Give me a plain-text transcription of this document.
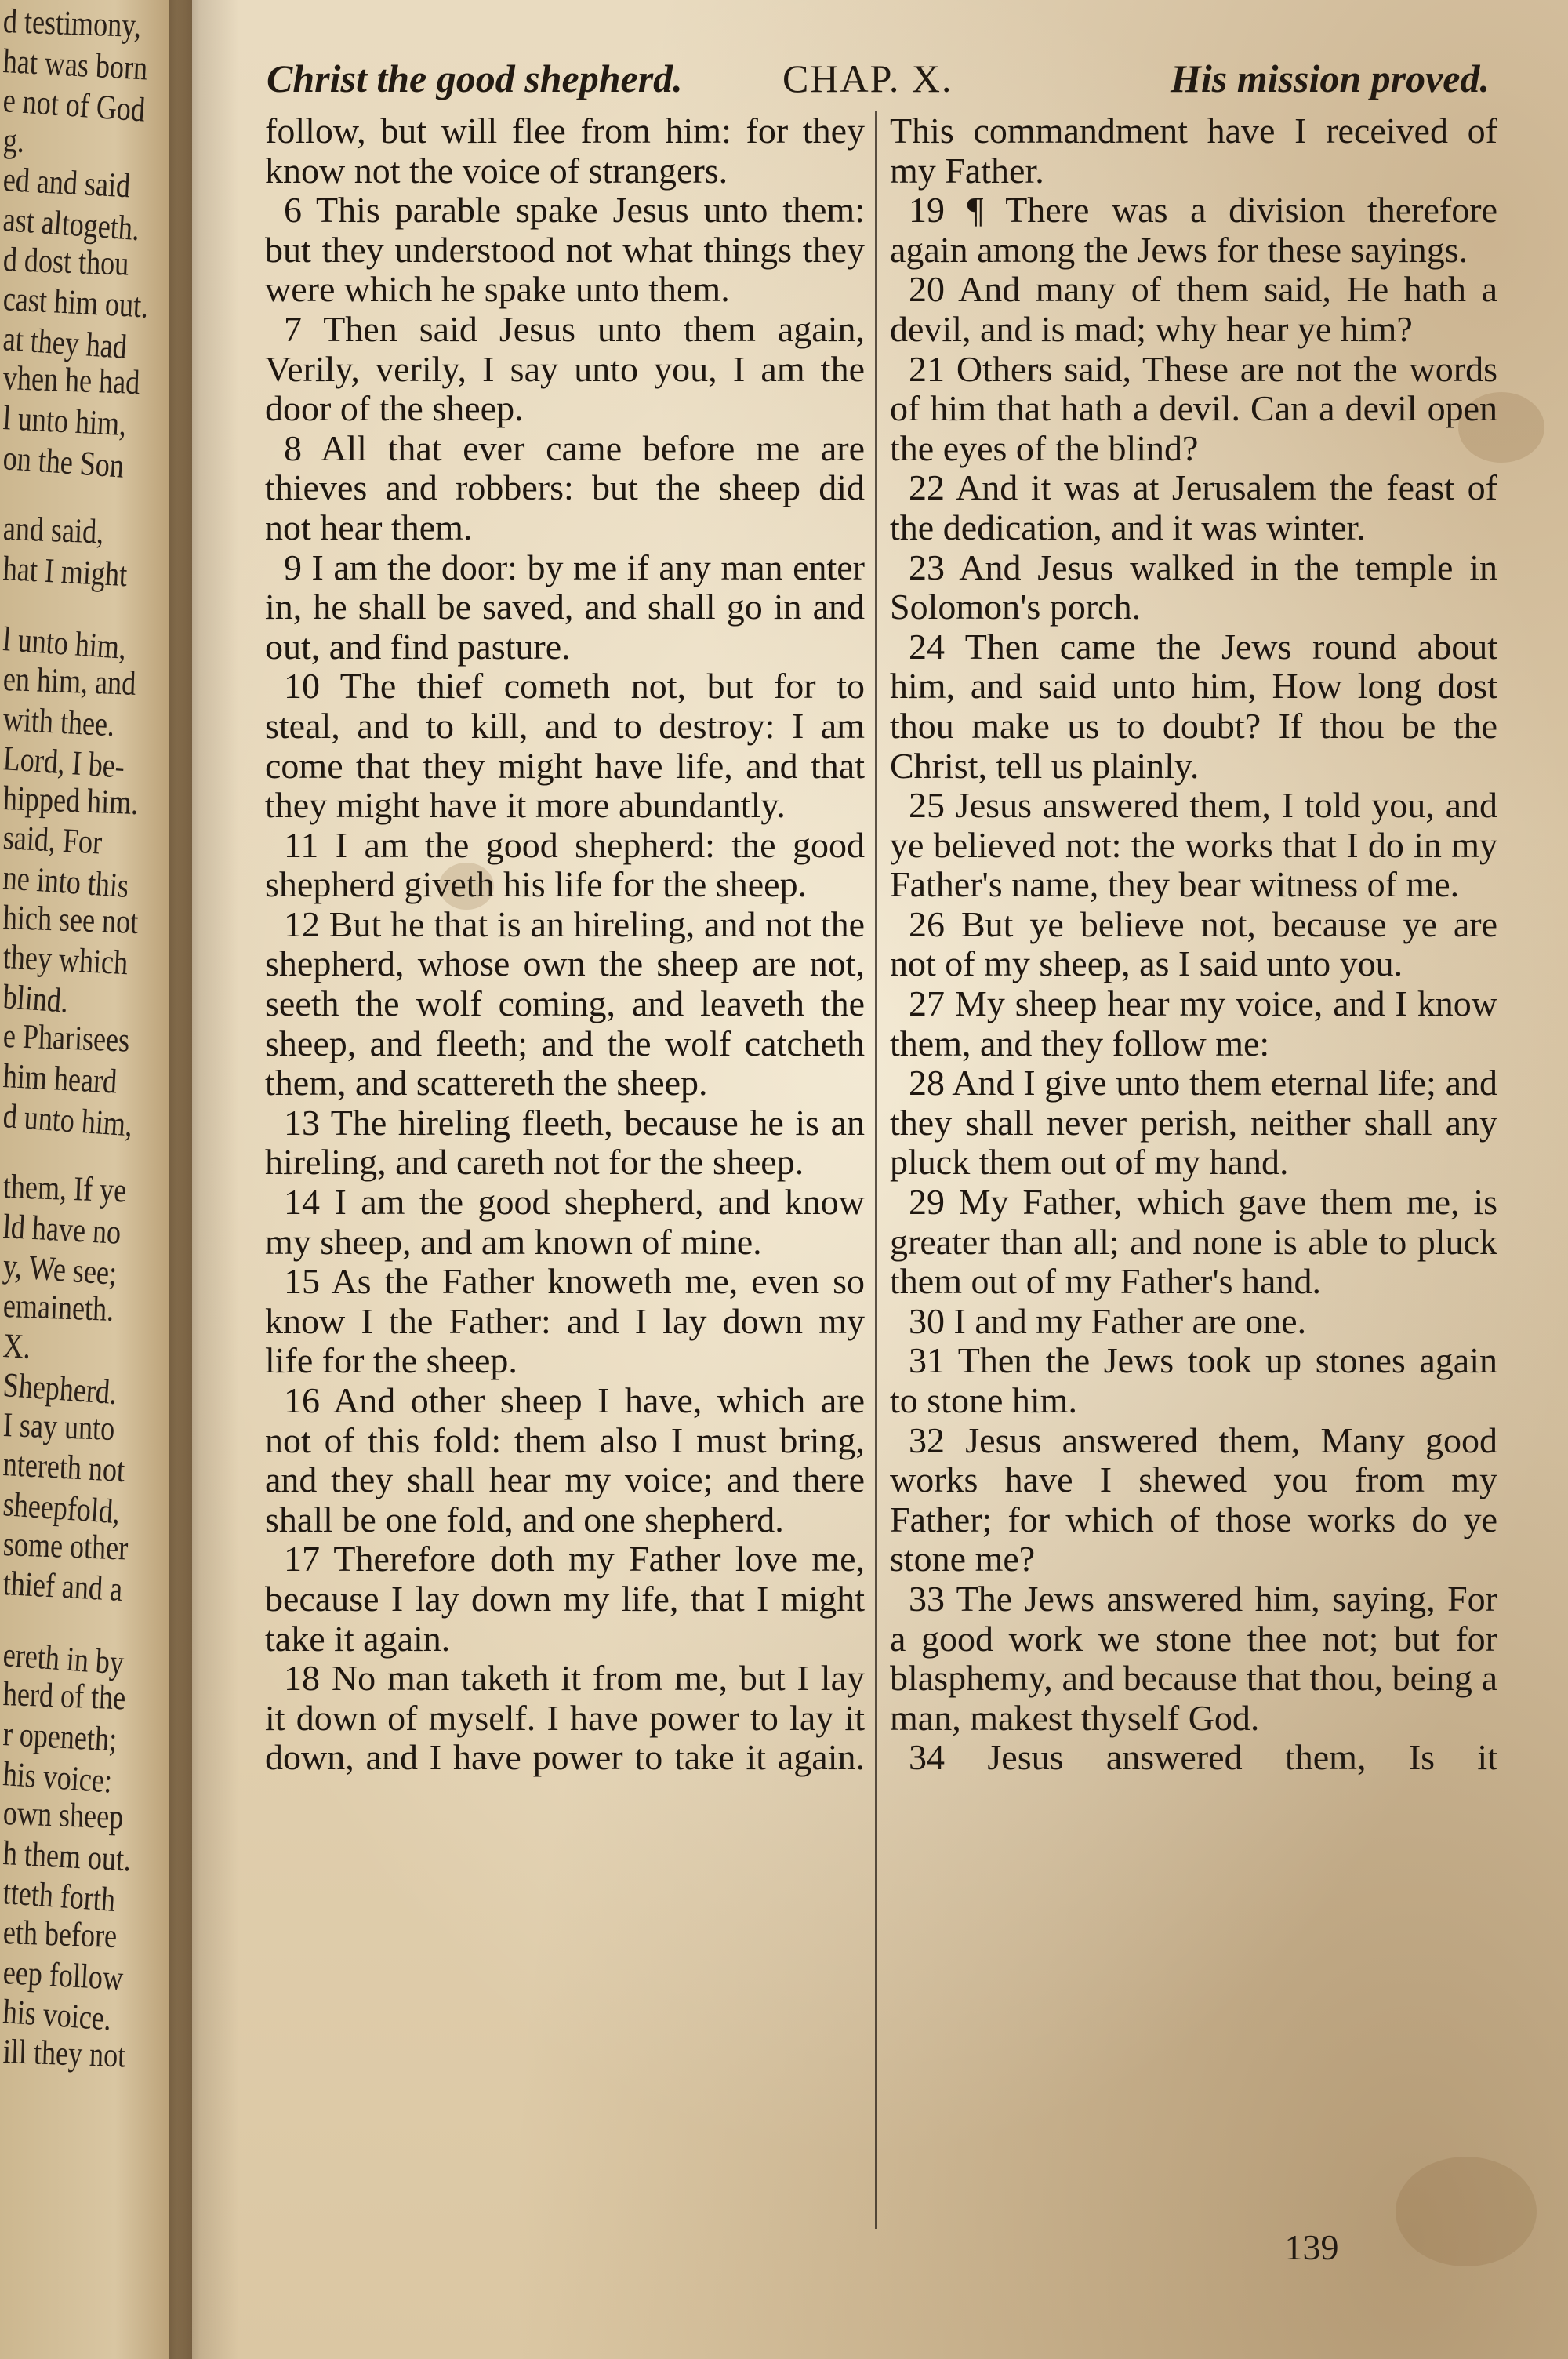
d testimony,
hat was born
e not of God
g.
ed and said
ast altogeth.
d dost thou
cast him out.
at they had
vhen he had
l unto him,
on the Son
and said,
hat I might
l unto him,
en him, and
with thee.
Lord, I be-
hipped him.
said, For
ne into this
hich see not
they which
blind.
e Pharisees
him heard
d unto him,
them, If ye
ld have no
y, We see;
emaineth.
X.
Shepherd.
I say unto
ntereth not
sheepfold,
some other
thief and a
ereth in by
herd of the
r openeth;
his voice:
own sheep
h them out.
tteth forth
eth before
eep follow
his voice.
ill they not
Christ the good shepherd.	CHAP. X.	His mission proved.

follow, but will flee from him: for they know not the voice of strangers.

6 This parable spake Jesus unto them: but they understood not what things they were which he spake unto them.

7 Then said Jesus unto them again, Verily, verily, I say unto you, I am the door of the sheep.

8 All that ever came before me are thieves and robbers: but the sheep did not hear them.

9 I am the door: by me if any man enter in, he shall be saved, and shall go in and out, and find pasture.

10 The thief cometh not, but for to steal, and to kill, and to destroy: I am come that they might have life, and that they might have it more abundantly.

11 I am the good shepherd: the good shepherd giveth his life for the sheep.

12 But he that is an hireling, and not the shepherd, whose own the sheep are not, seeth the wolf coming, and leaveth the sheep, and fleeth; and the wolf catcheth them, and scattereth the sheep.

13 The hireling fleeth, because he is an hireling, and careth not for the sheep.

14 I am the good shepherd, and know my sheep, and am known of mine.

15 As the Father knoweth me, even so know I the Father: and I lay down my life for the sheep.

16 And other sheep I have, which are not of this fold: them also I must bring, and they shall hear my voice; and there shall be one fold, and one shepherd.

17 Therefore doth my Father love me, because I lay down my life, that I might take it again.

18 No man taketh it from me, but I lay it down of myself. I have power to lay it down, and I have power to take it again.

This commandment have I received of my Father.

19 ¶ There was a division therefore again among the Jews for these sayings.

20 And many of them said, He hath a devil, and is mad; why hear ye him?

21 Others said, These are not the words of him that hath a devil. Can a devil open the eyes of the blind?

22 And it was at Jerusalem the feast of the dedication, and it was winter.

23 And Jesus walked in the temple in Solomon's porch.

24 Then came the Jews round about him, and said unto him, How long dost thou make us to doubt? If thou be the Christ, tell us plainly.

25 Jesus answered them, I told you, and ye believed not: the works that I do in my Father's name, they bear witness of me.

26 But ye believe not, because ye are not of my sheep, as I said unto you.

27 My sheep hear my voice, and I know them, and they follow me:

28 And I give unto them eternal life; and they shall never perish, neither shall any pluck them out of my hand.

29 My Father, which gave them me, is greater than all; and none is able to pluck them out of my Father's hand.

30 I and my Father are one.

31 Then the Jews took up stones again to stone him.

32 Jesus answered them, Many good works have I shewed you from my Father; for which of those works do ye stone me?

33 The Jews answered him, saying, For a good work we stone thee not; but for blasphemy, and because that thou, being a man, makest thyself God.

34 Jesus answered them, Is it

139
